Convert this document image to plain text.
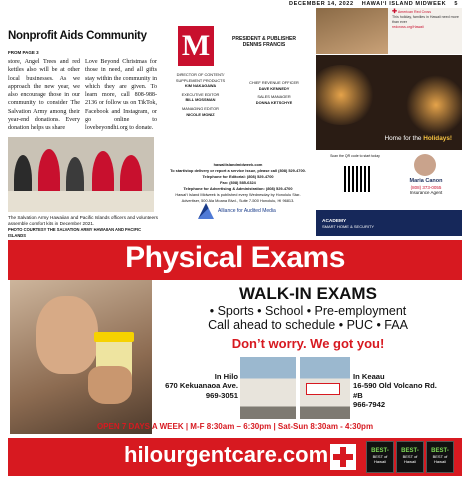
DECEMBER 14, 2022 HAWAI‘I ISLAND MIDWEEK 5
Nonprofit Aids Community
FROM PAGE 3
store, Angel Trees and red kettles also will be at other local businesses. As we approach the new year, we also encourage those in our community to consider The Salvation Army among their year-end donations. Every donation helps us share
Love Beyond Christmas for those in need, and all gifts stay within the community in which they are given. To learn more, call 808-988-2136 or follow us on TikTok, Facebook and Instagram, or go online to lovebeyondhi.org to donate.
The Salvation Army Hawaiian and Pacific Islands officers and volunteers assemble comfort kits in December 2021.
PHOTO COURTESY THE SALVATION ARMY HAWAIIAN AND PACIFIC ISLANDS
M	PRESIDENT & PUBLISHER
DENNIS FRANCIS
DIRECTOR OF CONTENT/ SUPPLEMENT PRODUCTS
KIM NAKAGAWA
EXECUTIVE EDITOR
BILL MOSSMAN
MANAGING EDITOR
NICOLE MONIZ
CHIEF REVENUE OFFICER
DAVE KENNEDY
SALES MANAGER
DONNA KETSCHYE
hawaiiislandmidweek.com
To start/stop delivery or report a service issue, please call (808) 529-4700.
Telephone for Editorial: (808) 529-4700
Fax: (808) 585-6324
Telephone for Advertising & Administration: (808) 529-4700
Hawai‘i Island Midweek is published every Wednesday by Honolulu Star-Advertiser, 500 Ala Moana Blvd., Suite 7-500 Honolulu, HI 96813.
Alliance for Audited Media
✚ American Red Cross
This holiday, families in Hawaii need more than ever
redcross.org/Hawaii
Home for the Holidays!
Scan the QR code to start today
Maria Canon
(808) 373-0055
Insurance Agent
ACADEMY
SMART HOME & SECURITY
Physical Exams
WALK-IN EXAMS
• Sports • School • Pre-employment
Call ahead to schedule • PUC • FAA
Don’t worry. We got you!
In Hilo
670 Kekuanaoa Ave.
969-3051
In Keaau
16-590 Old Volcano Rd. #B
966-7942
OPEN 7 DAYS A WEEK | M-F 8:30am – 6:30pm | Sat-Sun 8:30am - 4:30pm
hilourgentcare.com	BEST-
BEST of Hawaii
BEST-
BEST of Hawaii
BEST-
BEST of Hawaii
